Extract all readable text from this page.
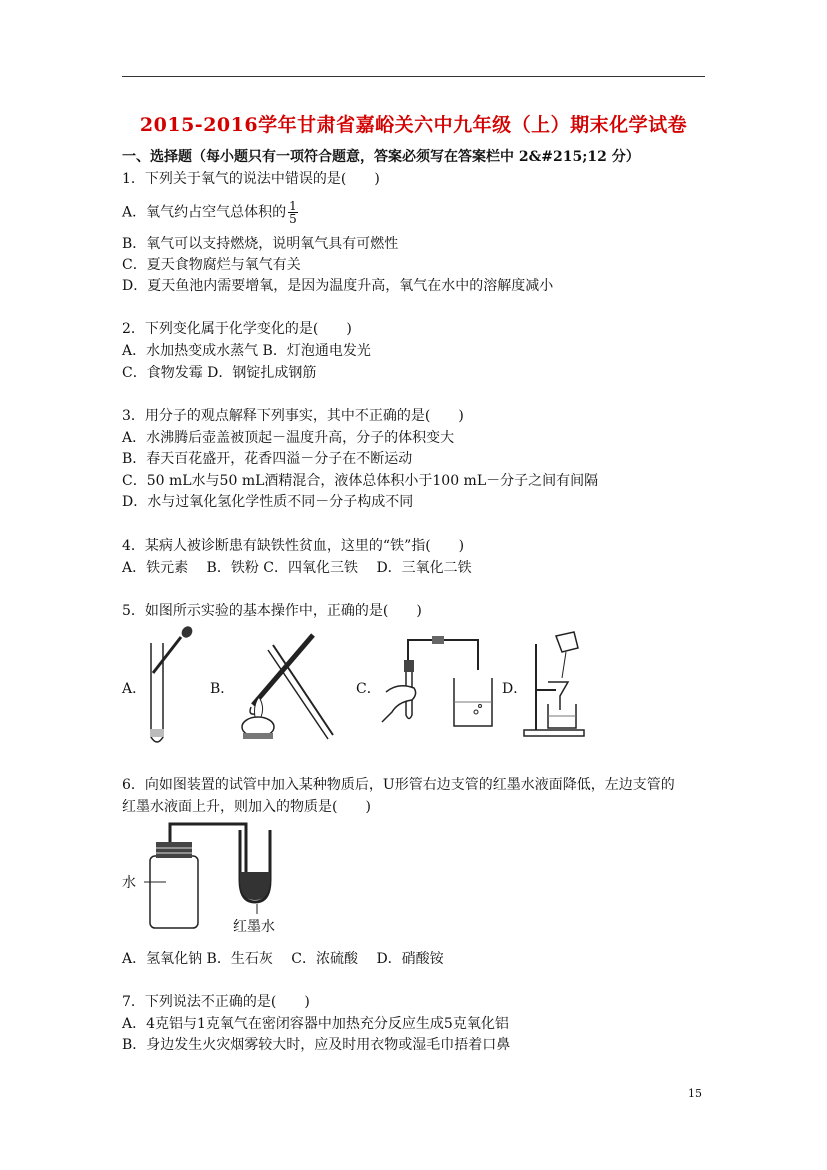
2015-2016学年甘肃省嘉峪关六中九年级（上）期末化学试卷
一、选择题（每小题只有一项符合题意，答案必须写在答案栏中 2&#215;12 分）
1．下列关于氧气的说法中错误的是(　　)
A．氧气约占空气总体积的 $\frac{1}{5}$
B．氧气可以支持燃烧，说明氧气具有可燃性
C．夏天食物腐烂与氧气有关
D．夏天鱼池内需要增氧，是因为温度升高，氧气在水中的溶解度减小
2．下列变化属于化学变化的是(　　)
A．水加热变成水蒸气 B．灯泡通电发光
C．食物发霉 D．钢锭扎成钢筋
3．用分子的观点解释下列事实，其中不正确的是(　　)
A．水沸腾后壶盖被顶起－温度升高，分子的体积变大
B．春天百花盛开，花香四溢－分子在不断运动
C．50 mL水与50 mL酒精混合，液体总体积小于100 mL－分子之间有间隔
D．水与过氧化氢化学性质不同－分子构成不同
4．某病人被诊断患有缺铁性贫血，这里的“铁”指(　　)
A．铁元素　 B．铁粉 C．四氧化三铁　 D．三氧化二铁
5．如图所示实验的基本操作中，正确的是(　　)
A．	B．	C．	D．
6．向如图装置的试管中加入某种物质后，U形管右边支管的红墨水液面降低，左边支管的
红墨水液面上升，则加入的物质是(　　)
水
红墨水
A．氢氧化钠 B．生石灰　 C．浓硫酸　 D．硝酸铵
7．下列说法不正确的是(　　)
A．4克铝与1克氧气在密闭容器中加热充分反应生成5克氧化铝
B．身边发生火灾烟雾较大时，应及时用衣物或湿毛巾捂着口鼻
15
